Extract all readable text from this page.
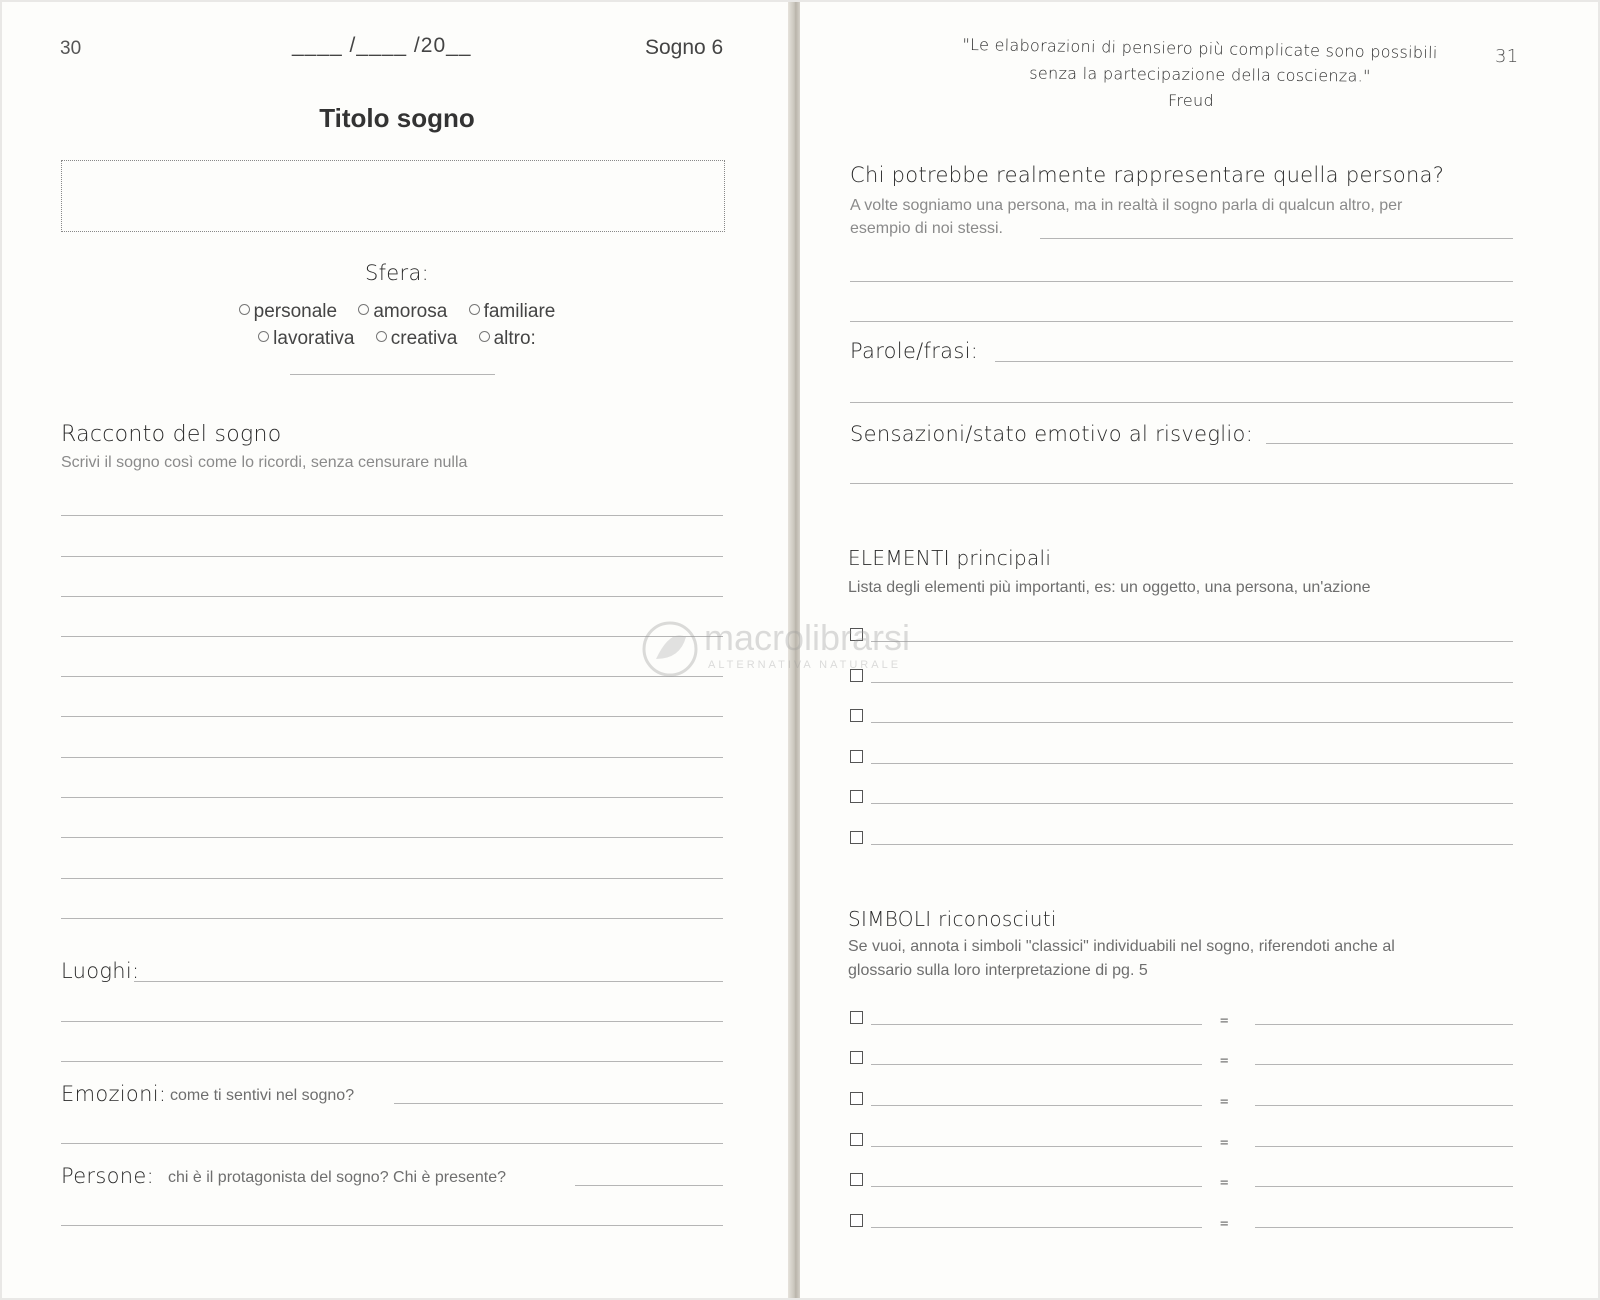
30	____ /____ /20__	Sogno 6
Titolo sogno
Sfera:
personale amorosa familiare
lavorativa creativa altro:
Racconto del sogno
Scrivi il sogno così come lo ricordi, senza censurare nulla
Luoghi:
Emozioni: come ti sentivi nel sogno?
Persone: chi è il protagonista del sogno? Chi è presente?
"Le elaborazioni di pensiero più complicate sono possibili
senza la partecipazione della coscienza."
Freud
31
Chi potrebbe realmente rappresentare quella persona?
A volte sogniamo una persona, ma in realtà il sogno parla di qualcun altro, per
esempio di noi stessi.
Parole/frasi:
Sensazioni/stato emotivo al risveglio:
ELEMENTI principali
Lista degli elementi più importanti, es: un oggetto, una persona, un'azione
SIMBOLI riconosciuti
Se vuoi, annota i simboli "classici" individuabili nel sogno, riferendoti anche al
glossario sulla loro interpretazione di pg. 5
=
=
=
=
=
=
macrolibrarsi
ALTERNATIVA NATURALE
